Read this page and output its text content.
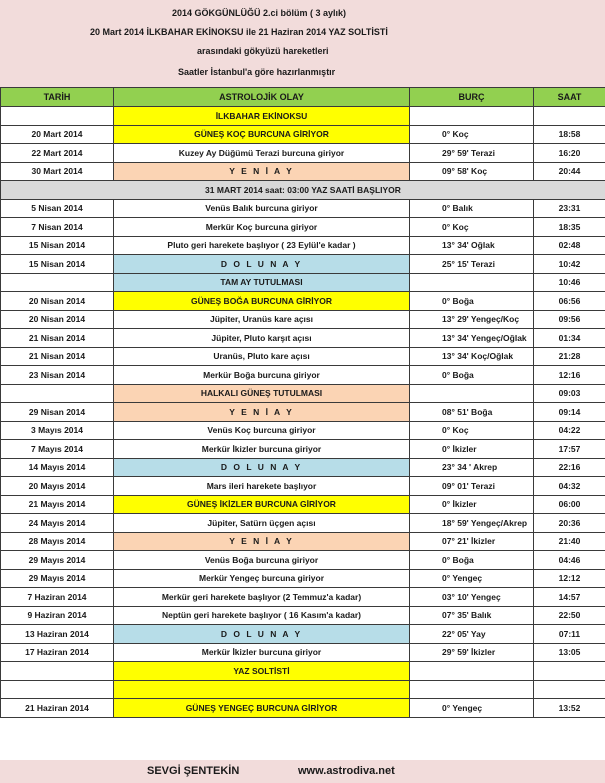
2014 GÖKGÜNLÜĞÜ 2.ci bölüm ( 3 aylık)
20 Mart 2014 İLKBAHAR EKİNOKSU ile 21 Haziran 2014 YAZ SOLTİSTİ
arasındaki gökyüzü hareketleri
Saatler İstanbul'a göre hazırlanmıştır
TARİH	ASTROLOJİK OLAY	BURÇ	SAAT
	İLKBAHAR EKİNOKSU		
20 Mart 2014	GÜNEŞ KOÇ BURCUNA GİRİYOR	0° Koç	18:58
22 Mart 2014	Kuzey Ay Düğümü Terazi burcuna giriyor	29° 59' Terazi	16:20
30 Mart 2014	Y E N İ A Y	09° 58' Koç	20:44
31 MART 2014 saat: 03:00 YAZ SAATİ BAŞLIYOR			
5 Nisan 2014	Venüs Balık burcuna giriyor	0° Balık	23:31
7 Nisan 2014	Merkür Koç burcuna giriyor	0° Koç	18:35
15 Nisan 2014	Pluto geri harekete başlıyor ( 23 Eylül'e kadar )	13° 34' Oğlak	02:48
15 Nisan 2014	D O L U N A Y	25° 15' Terazi	10:42
	TAM AY TUTULMASI		10:46
20 Nisan 2014	GÜNEŞ BOĞA BURCUNA GİRİYOR	0° Boğa	06:56
20 Nisan 2014	Jüpiter, Uranüs kare açısı	13° 29' Yengeç/Koç	09:56
21 Nisan 2014	Jüpiter, Pluto karşıt açısı	13° 34' Yengeç/Oğlak	01:34
21 Nisan 2014	Uranüs, Pluto kare açısı	13° 34' Koç/Oğlak	21:28
23 Nisan 2014	Merkür Boğa burcuna giriyor	0° Boğa	12:16
	HALKALI GÜNEŞ TUTULMASI		09:03
29 Nisan 2014	Y E N İ A Y	08° 51' Boğa	09:14
3 Mayıs 2014	Venüs Koç burcuna giriyor	0° Koç	04:22
7 Mayıs 2014	Merkür İkizler burcuna giriyor	0° İkizler	17:57
14 Mayıs 2014	D O L U N A Y	23° 34 ' Akrep	22:16
20 Mayıs 2014	Mars ileri harekete başlıyor	09° 01' Terazi	04:32
21 Mayıs 2014	GÜNEŞ İKİZLER BURCUNA GİRİYOR	0° İkizler	06:00
24 Mayıs 2014	Jüpiter, Satürn üçgen açısı	18° 59' Yengeç/Akrep	20:36
28 Mayıs 2014	Y E N İ A Y	07° 21' İkizler	21:40
29 Mayıs 2014	Venüs Boğa burcuna giriyor	0° Boğa	04:46
29 Mayıs 2014	Merkür Yengeç burcuna giriyor	0° Yengeç	12:12
7 Haziran 2014	Merkür geri harekete başlıyor (2 Temmuz'a kadar)	03° 10' Yengeç	14:57
9 Haziran 2014	Neptün geri harekete başlıyor ( 16 Kasım'a kadar)	07° 35' Balık	22:50
13 Haziran 2014	D O L U N A Y	22° 05' Yay	07:11
17 Haziran 2014	Merkür İkizler burcuna giriyor	29° 59' İkizler	13:05
	YAZ SOLTİSTİ		

21 Haziran 2014	GÜNEŞ YENGEÇ BURCUNA GİRİYOR	0° Yengeç	13:52
SEVGİ ŞENTEKİN	www.astrodiva.net
